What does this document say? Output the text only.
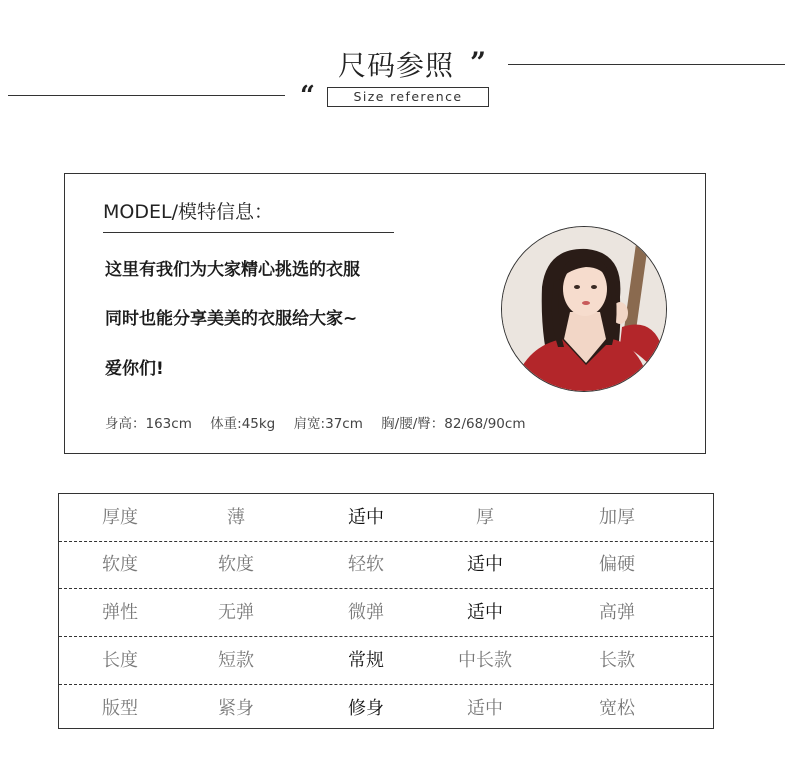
尺码参照 ”
“	Size reference
MODEL/模特信息：
这里有我们为大家精心挑选的衣服
同时也能分享美美的衣服给大家~
爱你们!
身高：163cm 体重:45kg 肩宽:37cm 胸/腰/臀：82/68/90cm
厚度	薄	适中	厚	加厚
软度	软度	轻软	适中	偏硬
弹性	无弹	微弹	适中	高弹
长度	短款	常规	中长款	长款
版型	紧身	修身	适中	宽松
